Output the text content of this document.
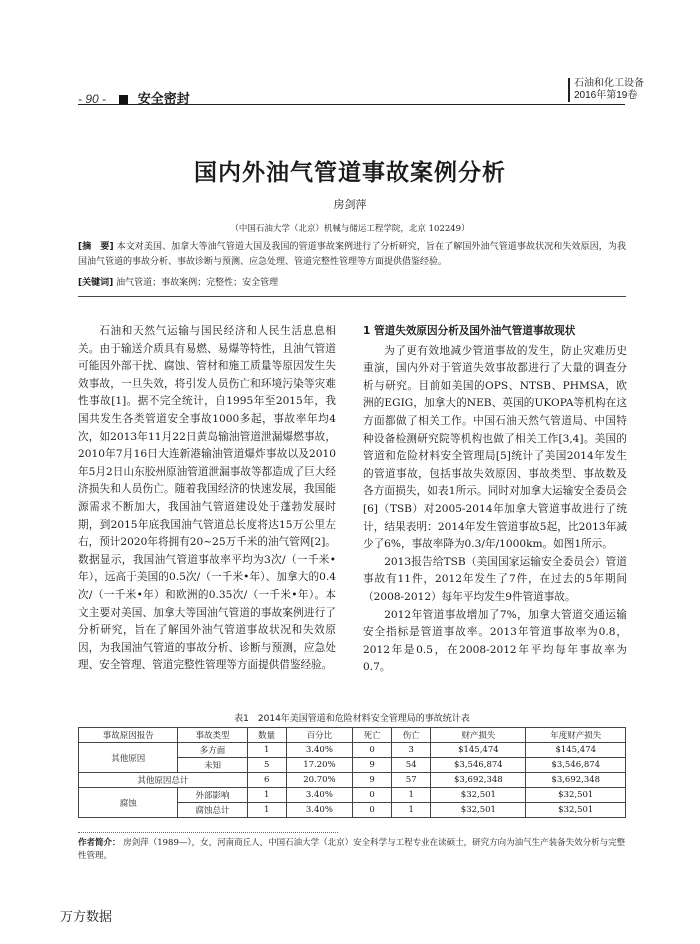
- 90 - 安全密封
石油和化工设备
2016年第19卷
国内外油气管道事故案例分析
房剑萍
（中国石油大学（北京）机械与储运工程学院，北京 102249）
[摘　要] 本文对美国、加拿大等油气管道大国及我国的管道事故案例进行了分析研究，旨在了解国外油气管道事故状况和失效原因，为我国油气管道的事故分析、事故诊断与预测、应急处理、管道完整性管理等方面提供借鉴经验。
[关键词] 油气管道；事故案例；完整性；安全管理

石油和天然气运输与国民经济和人民生活息息相关。由于输送介质具有易燃、易爆等特性，且油气管道可能因外部干扰、腐蚀、管材和施工质量等原因发生失效事故，一旦失效，将引发人员伤亡和环境污染等灾难性事故[1]。据不完全统计，自1995年至2015年，我国共发生各类管道安全事故1000多起，事故率年均4次，如2013年11月22日黄岛输油管道泄漏爆燃事故，2010年7月16日大连新港输油管道爆炸事故以及2010年5月2日山东胶州原油管道泄漏事故等都造成了巨大经济损失和人员伤亡。随着我国经济的快速发展，我国能源需求不断加大，我国油气管道建设处于蓬勃发展时期，到2015年底我国油气管道总长度将达15万公里左右，预计2020年将拥有20~25万千米的油气管网[2]。数据显示，我国油气管道事故率平均为3次/（一千米•年），远高于美国的0.5次/（一千米•年）、加拿大的0.4次/（一千米•年）和欧洲的0.35次/（一千米•年）。本文主要对美国、加拿大等国油气管道的事故案例进行了分析研究，旨在了解国外油气管道事故状况和失效原因，为我国油气管道的事故分析、诊断与预测，应急处理、安全管理、管道完整性管理等方面提供借鉴经验。

1 管道失效原因分析及国外油气管道事故现状

为了更有效地减少管道事故的发生，防止灾难历史重演，国内外对于管道失效事故都进行了大量的调查分析与研究。目前如美国的OPS、NTSB、PHMSA，欧洲的EGIG，加拿大的NEB、英国的UKOPA等机构在这方面都做了相关工作。中国石油天然气管道局、中国特种设备检测研究院等机构也做了相关工作[3,4]。美国的管道和危险材料安全管理局[5]统计了美国2014年发生的管道事故，包括事故失效原因、事故类型、事故数及各方面损失，如表1所示。同时对加拿大运输安全委员会[6]（TSB）对2005-2014年加拿大管道事故进行了统计，结果表明：2014年发生管道事故5起，比2013年减少了6%，事故率降为0.3/年/1000km。如图1所示。

2013报告给TSB（美国国家运输安全委员会）管道事故有11件，2012年发生了7件，在过去的5年期间（2008-2012）每年平均发生9件管道事故。

2012年管道事故增加了7%，加拿大管道交通运输安全指标是管道事故率。2013年管道事故率为0.8，2012年是0.5，在2008-2012年平均每年事故率为0.7。

表1　2014年美国管道和危险材料安全管理局的事故统计表
事故原因报告	事故类型	数量	百分比	死亡	伤亡	财产损失	年度财产损失
其他原因	多方面	1	3.40%	0	3	$145,474	$145,474
	未知	5	17.20%	9	54	$3,546,874	$3,546,874
其他原因总计		6	20.70%	9	57	$3,692,348	$3,692,348
腐蚀	外部影响	1	3.40%	0	1	$32,501	$32,501
	腐蚀总计	1	3.40%	0	1	$32,501	$32,501
作者简介： 房剑萍（1989—），女，河南商丘人，中国石油大学（北京）安全科学与工程专业在读硕士，研究方向为油气生产装备失效分析与完整性管理。
万方数据
